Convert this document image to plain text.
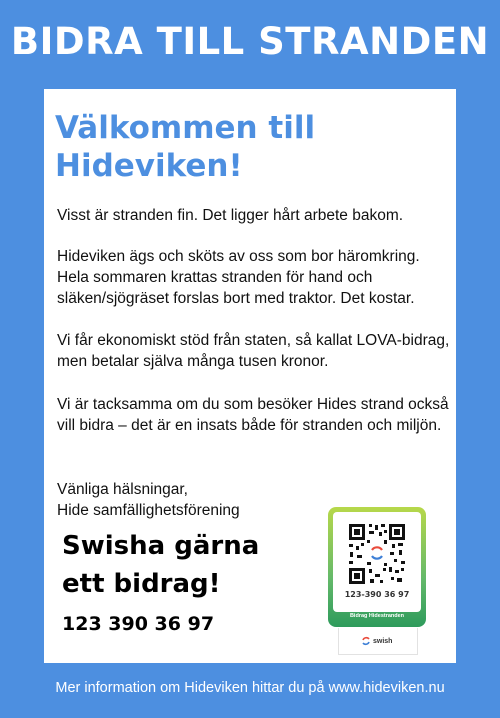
BIDRA TILL STRANDEN
Välkommen till Hideviken!

Visst är stranden fin. Det ligger hårt arbete bakom.

Hideviken ägs och sköts av oss som bor häromkring. Hela sommaren krattas stranden för hand och släken/sjögräset forslas bort med traktor. Det kostar.

Vi får ekonomiskt stöd från staten, så kallat LOVA-bidrag, men betalar själva många tusen kronor.

Vi är tacksamma om du som besöker Hides strand också vill bidra – det är en insats både för stranden och miljön.

Vänliga hälsningar,
Hide samfällighetsförening

Swisha gärna ett bidrag!

123 390 36 97

123-390 36 97
Bidrag Hidestranden
swish
Mer information om Hideviken hittar du på www.hideviken.nu
